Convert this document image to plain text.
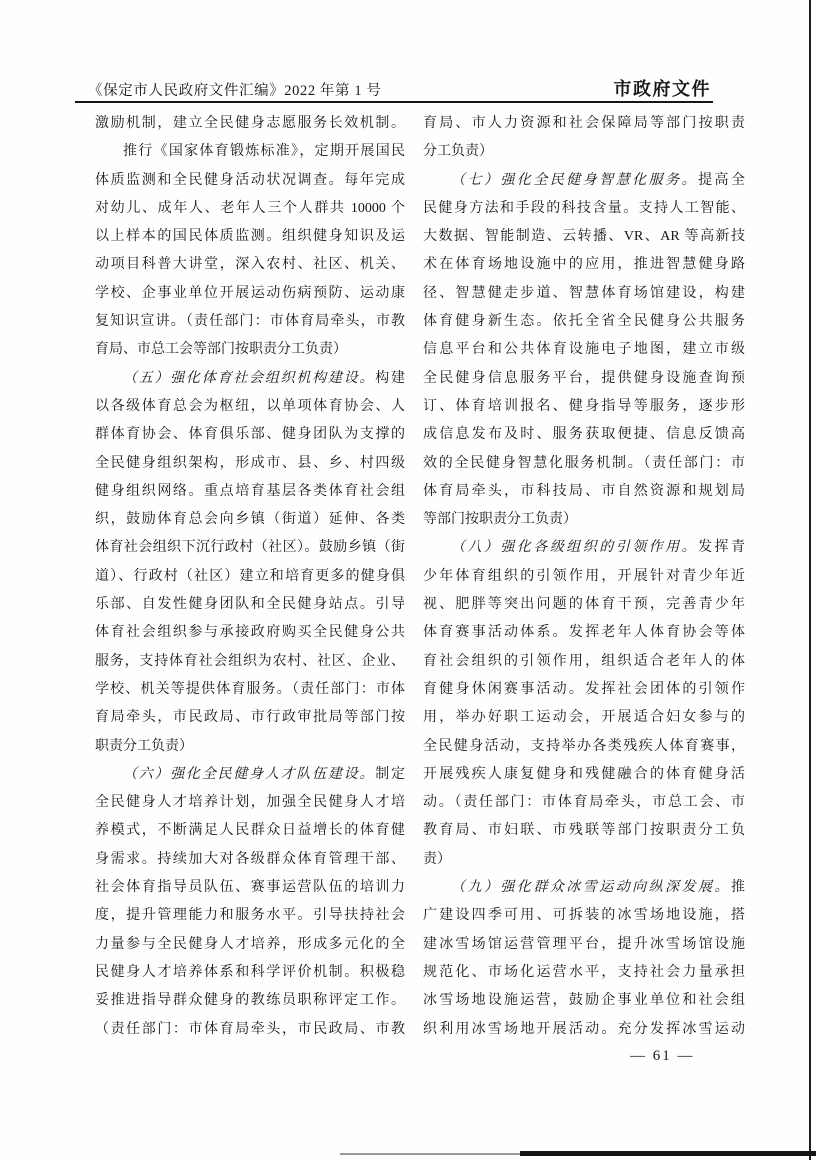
《保定市人民政府文件汇编》2022 年第 1 号	市政府文件
激励机制，建立全民健身志愿服务长效机制。
推行《国家体育锻炼标准》，定期开展国民
体质监测和全民健身活动状况调查。每年完成
对幼儿、成年人、老年人三个人群共 10000 个
以上样本的国民体质监测。组织健身知识及运
动项目科普大讲堂，深入农村、社区、机关、
学校、企事业单位开展运动伤病预防、运动康
复知识宣讲。（责任部门：市体育局牵头，市教
育局、市总工会等部门按职责分工负责）
（五）强化体育社会组织机构建设。构建
以各级体育总会为枢纽，以单项体育协会、人
群体育协会、体育俱乐部、健身团队为支撑的
全民健身组织架构，形成市、县、乡、村四级
健身组织网络。重点培育基层各类体育社会组
织，鼓励体育总会向乡镇（街道）延伸、各类
体育社会组织下沉行政村（社区）。鼓励乡镇（街
道）、行政村（社区）建立和培育更多的健身俱
乐部、自发性健身团队和全民健身站点。引导
体育社会组织参与承接政府购买全民健身公共
服务，支持体育社会组织为农村、社区、企业、
学校、机关等提供体育服务。（责任部门：市体
育局牵头，市民政局、市行政审批局等部门按
职责分工负责）
（六）强化全民健身人才队伍建设。制定
全民健身人才培养计划，加强全民健身人才培
养模式，不断满足人民群众日益增长的体育健
身需求。持续加大对各级群众体育管理干部、
社会体育指导员队伍、赛事运营队伍的培训力
度，提升管理能力和服务水平。引导扶持社会
力量参与全民健身人才培养，形成多元化的全
民健身人才培养体系和科学评价机制。积极稳
妥推进指导群众健身的教练员职称评定工作。
（责任部门：市体育局牵头，市民政局、市教
育局、市人力资源和社会保障局等部门按职责
分工负责）
（七）强化全民健身智慧化服务。提高全
民健身方法和手段的科技含量。支持人工智能、
大数据、智能制造、云转播、VR、AR 等高新技
术在体育场地设施中的应用，推进智慧健身路
径、智慧健走步道、智慧体育场馆建设，构建
体育健身新生态。依托全省全民健身公共服务
信息平台和公共体育设施电子地图，建立市级
全民健身信息服务平台，提供健身设施查询预
订、体育培训报名、健身指导等服务，逐步形
成信息发布及时、服务获取便捷、信息反馈高
效的全民健身智慧化服务机制。（责任部门：市
体育局牵头，市科技局、市自然资源和规划局
等部门按职责分工负责）
（八）强化各级组织的引领作用。发挥青
少年体育组织的引领作用，开展针对青少年近
视、肥胖等突出问题的体育干预，完善青少年
体育赛事活动体系。发挥老年人体育协会等体
育社会组织的引领作用，组织适合老年人的体
育健身休闲赛事活动。发挥社会团体的引领作
用，举办好职工运动会，开展适合妇女参与的
全民健身活动，支持举办各类残疾人体育赛事，
开展残疾人康复健身和残健融合的体育健身活
动。（责任部门：市体育局牵头，市总工会、市
教育局、市妇联、市残联等部门按职责分工负
责）
（九）强化群众冰雪运动向纵深发展。推
广建设四季可用、可拆装的冰雪场地设施，搭
建冰雪场馆运营管理平台，提升冰雪场馆设施
规范化、市场化运营水平，支持社会力量承担
冰雪场地设施运营，鼓励企事业单位和社会组
织利用冰雪场地开展活动。充分发挥冰雪运动
— 61 —
